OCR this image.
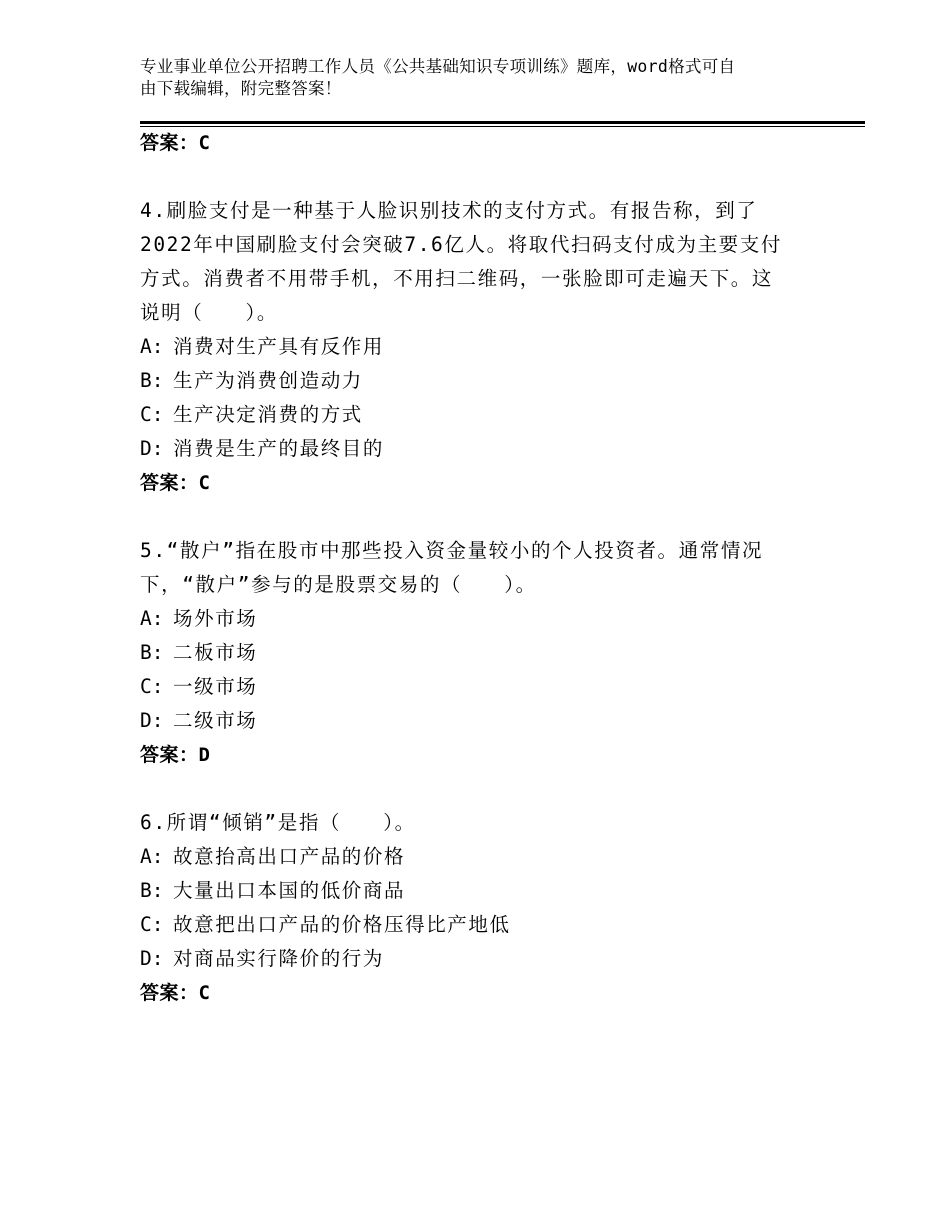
专业事业单位公开招聘工作人员《公共基础知识专项训练》题库，word格式可自
由下载编辑，附完整答案！
答案：C

4.刷脸支付是一种基于人脸识别技术的支付方式。有报告称，到了
2022年中国刷脸支付会突破7.6亿人。将取代扫码支付成为主要支付
方式。消费者不用带手机，不用扫二维码，一张脸即可走遍天下。这
说明（　　）。

A: 消费对生产具有反作用
B: 生产为消费创造动力
C: 生产决定消费的方式
D: 消费是生产的最终目的
答案：C

5.“散户”指在股市中那些投入资金量较小的个人投资者。通常情况
下，“散户”参与的是股票交易的（　　）。

A: 场外市场
B: 二板市场
C: 一级市场
D: 二级市场
答案：D

6.所谓“倾销”是指（　　）。

A: 故意抬高出口产品的价格
B: 大量出口本国的低价商品
C: 故意把出口产品的价格压得比产地低
D: 对商品实行降价的行为
答案：C
